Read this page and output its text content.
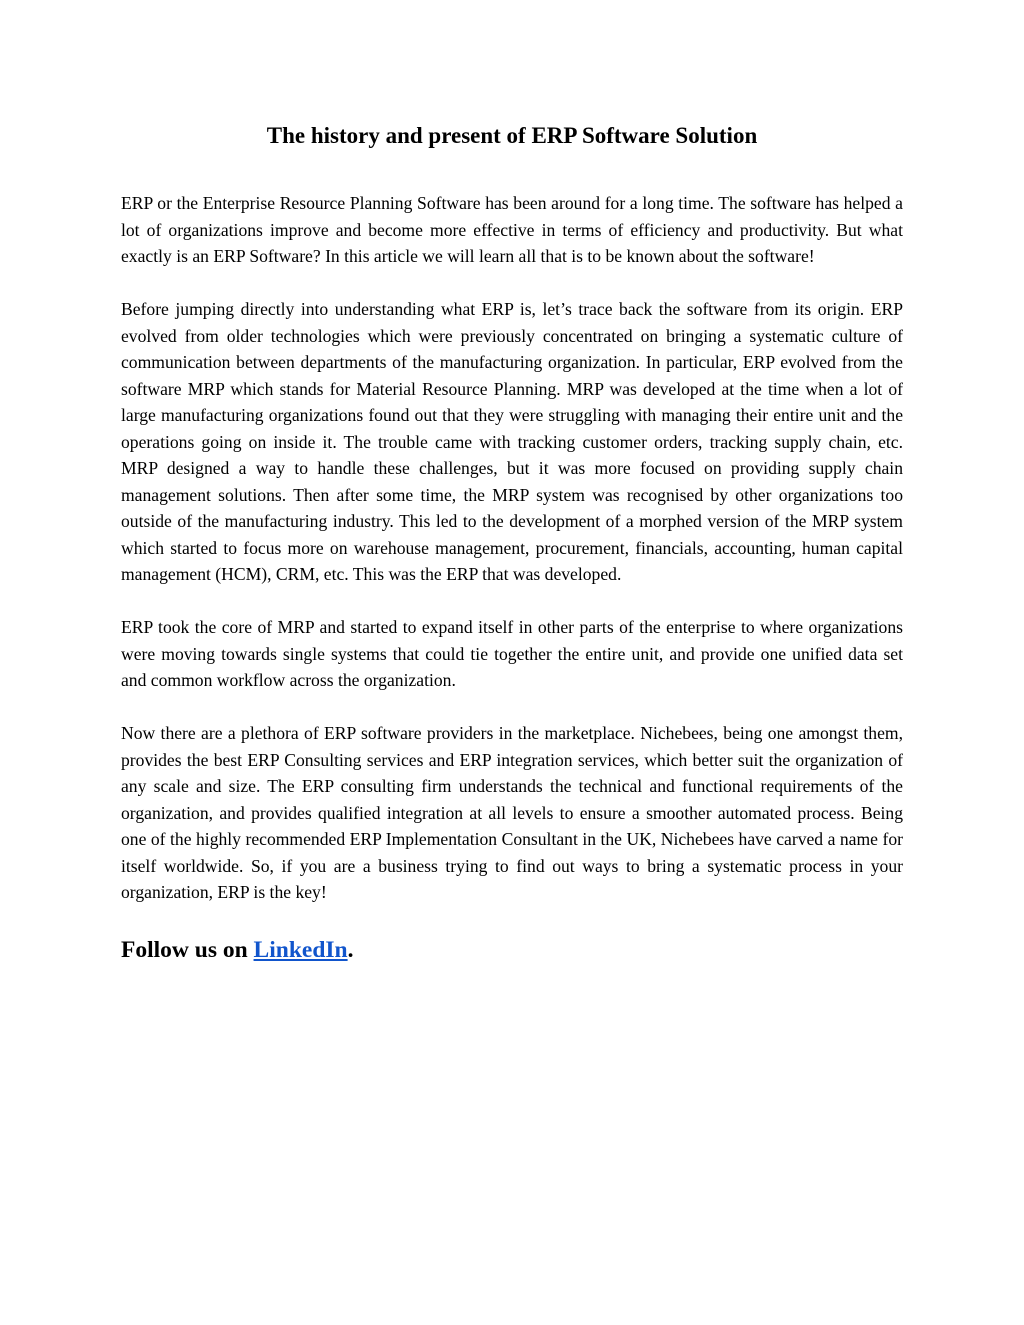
The history and present of ERP Software Solution

ERP or the Enterprise Resource Planning Software has been around for a long time. The software has helped a lot of organizations improve and become more effective in terms of efficiency and productivity. But what exactly is an ERP Software? In this article we will learn all that is to be known about the software!

Before jumping directly into understanding what ERP is, let’s trace back the software from its origin. ERP evolved from older technologies which were previously concentrated on bringing a systematic culture of communication between departments of the manufacturing organization. In particular, ERP evolved from the software MRP which stands for Material Resource Planning. MRP was developed at the time when a lot of large manufacturing organizations found out that they were struggling with managing their entire unit and the operations going on inside it. The trouble came with tracking customer orders, tracking supply chain, etc. MRP designed a way to handle these challenges, but it was more focused on providing supply chain management solutions. Then after some time, the MRP system was recognised by other organizations too outside of the manufacturing industry. This led to the development of a morphed version of the MRP system which started to focus more on warehouse management, procurement, financials, accounting, human capital management (HCM), CRM, etc. This was the ERP that was developed.

ERP took the core of MRP and started to expand itself in other parts of the enterprise to where organizations were moving towards single systems that could tie together the entire unit, and provide one unified data set and common workflow across the organization.

Now there are a plethora of ERP software providers in the marketplace. Nichebees, being one amongst them, provides the best ERP Consulting services and ERP integration services, which better suit the organization of any scale and size. The ERP consulting firm understands the technical and functional requirements of the organization, and provides qualified integration at all levels to ensure a smoother automated process. Being one of the highly recommended ERP Implementation Consultant in the UK, Nichebees have carved a name for itself worldwide. So, if you are a business trying to find out ways to bring a systematic process in your organization, ERP is the key!

Follow us on LinkedIn.
